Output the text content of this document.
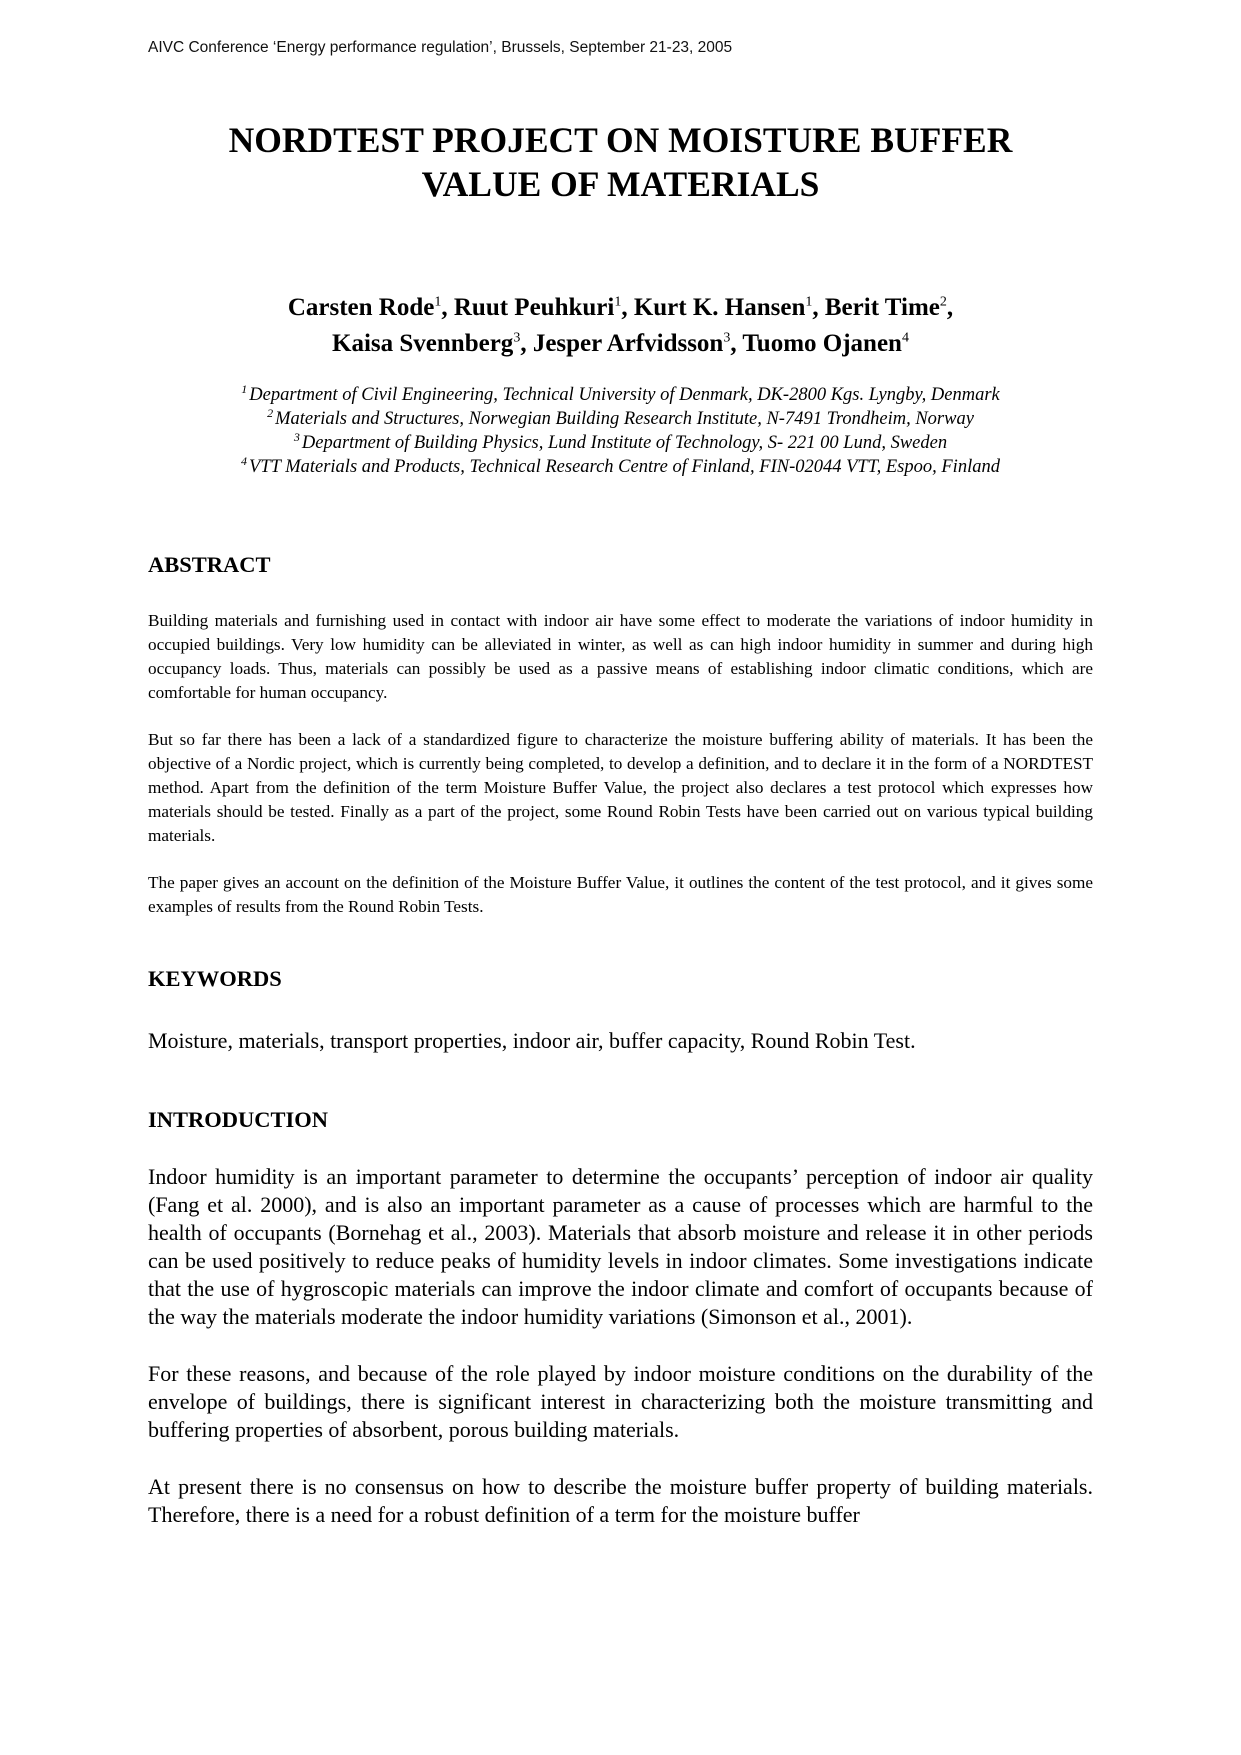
AIVC Conference ‘Energy performance regulation’, Brussels, September 21-23, 2005
NORDTEST PROJECT ON MOISTURE BUFFER
VALUE OF MATERIALS
Carsten Rode$^1$, Ruut Peuhkuri$^1$, Kurt K. Hansen$^1$, Berit Time$^2$,
Kaisa Svennberg$^3$, Jesper Arfvidsson$^3$, Tuomo Ojanen$^4$
$^1$ Department of Civil Engineering, Technical University of Denmark, DK-2800 Kgs. Lyngby, Denmark
$^2$ Materials and Structures, Norwegian Building Research Institute, N-7491 Trondheim, Norway
$^3$ Department of Building Physics, Lund Institute of Technology, S- 221 00 Lund, Sweden
$^4$ VTT Materials and Products, Technical Research Centre of Finland, FIN-02044 VTT, Espoo, Finland
ABSTRACT

Building materials and furnishing used in contact with indoor air have some effect to moderate the variations of indoor humidity in occupied buildings. Very low humidity can be alleviated in winter, as well as can high indoor humidity in summer and during high occupancy loads. Thus, materials can possibly be used as a passive means of establishing indoor climatic conditions, which are comfortable for human occupancy.

But so far there has been a lack of a standardized figure to characterize the moisture buffering ability of materials. It has been the objective of a Nordic project, which is currently being completed, to develop a definition, and to declare it in the form of a NORDTEST method. Apart from the definition of the term Moisture Buffer Value, the project also declares a test protocol which expresses how materials should be tested. Finally as a part of the project, some Round Robin Tests have been carried out on various typical building materials.

The paper gives an account on the definition of the Moisture Buffer Value, it outlines the content of the test protocol, and it gives some examples of results from the Round Robin Tests.

KEYWORDS

Moisture, materials, transport properties, indoor air, buffer capacity, Round Robin Test.

INTRODUCTION

Indoor humidity is an important parameter to determine the occupants’ perception of indoor air quality (Fang et al. 2000), and is also an important parameter as a cause of processes which are harmful to the health of occupants (Bornehag et al., 2003). Materials that absorb moisture and release it in other periods can be used positively to reduce peaks of humidity levels in indoor climates. Some investigations indicate that the use of hygroscopic materials can improve the indoor climate and comfort of occupants because of the way the materials moderate the indoor humidity variations (Simonson et al., 2001).

For these reasons, and because of the role played by indoor moisture conditions on the durability of the envelope of buildings, there is significant interest in characterizing both the moisture transmitting and buffering properties of absorbent, porous building materials.

At present there is no consensus on how to describe the moisture buffer property of building materials. Therefore, there is a need for a robust definition of a term for the moisture buffer
